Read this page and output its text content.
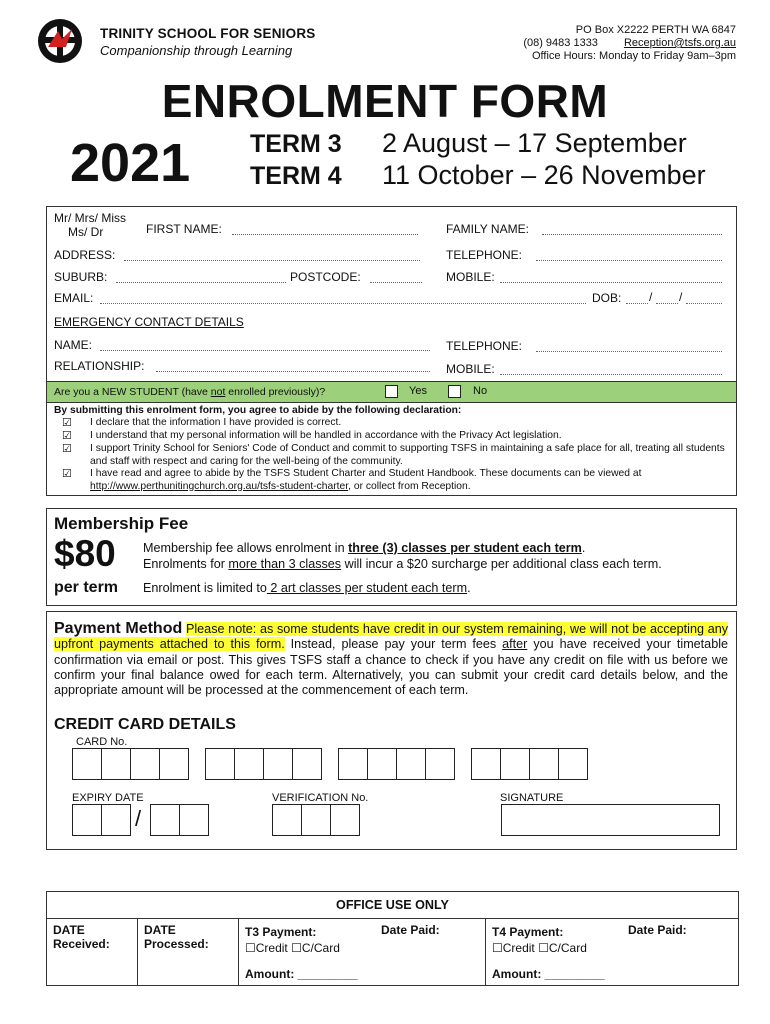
TRINITY SCHOOL FOR SENIORS
Companionship through Learning
PO Box X2222 PERTH WA 6847
(08) 9483 1333 Reception@tsfs.org.au
Office Hours: Monday to Friday 9am–3pm
ENROLMENT FORM
2021 TERM 3 2 August – 17 September
TERM 4 11 October – 26 November
Mr/ Mrs/ Miss
Ms/ Dr	FIRST NAME:	FAMILY NAME:
ADDRESS:	TELEPHONE:
SUBURB:	POSTCODE:	MOBILE:
EMAIL:	DOB: / /
EMERGENCY CONTACT DETAILS
NAME:	TELEPHONE:
RELATIONSHIP:	MOBILE:
Are you a NEW STUDENT (have not enrolled previously)?	Yes	No
By submitting this enrolment form, you agree to abide by the following declaration:
☑ I declare that the information I have provided is correct.
☑ I understand that my personal information will be handled in accordance with the Privacy Act legislation.
☑ I support Trinity School for Seniors' Code of Conduct and commit to supporting TSFS in maintaining a safe place for all, treating all students and staff with respect and caring for the well-being of the community.
☑ I have read and agree to abide by the TSFS Student Charter and Student Handbook. These documents can be viewed at http://www.perthunitingchurch.org.au/tsfs-student-charter, or collect from Reception.
Membership Fee
$80
per term
Membership fee allows enrolment in three (3) classes per student each term.
Enrolments for more than 3 classes will incur a $20 surcharge per additional class each term.
Enrolment is limited to 2 art classes per student each term.
Payment Method Please note: as some students have credit in our system remaining, we will not be accepting any upfront payments attached to this form. Instead, please pay your term fees after you have received your timetable confirmation via email or post. This gives TSFS staff a chance to check if you have any credit on file with us before we confirm your final balance owed for each term. Alternatively, you can submit your credit card details below, and the appropriate amount will be processed at the commencement of each term.
CREDIT CARD DETAILS
CARD No.
EXPIRY DATE
/
VERIFICATION No.	SIGNATURE
OFFICE USE ONLY

DATE
Received:

DATE
Processed:

T3 Payment:	Date Paid:
☐Credit ☐C/Card
Amount: _________

T4 Payment:	Date Paid:
☐Credit ☐C/Card
Amount: _________
